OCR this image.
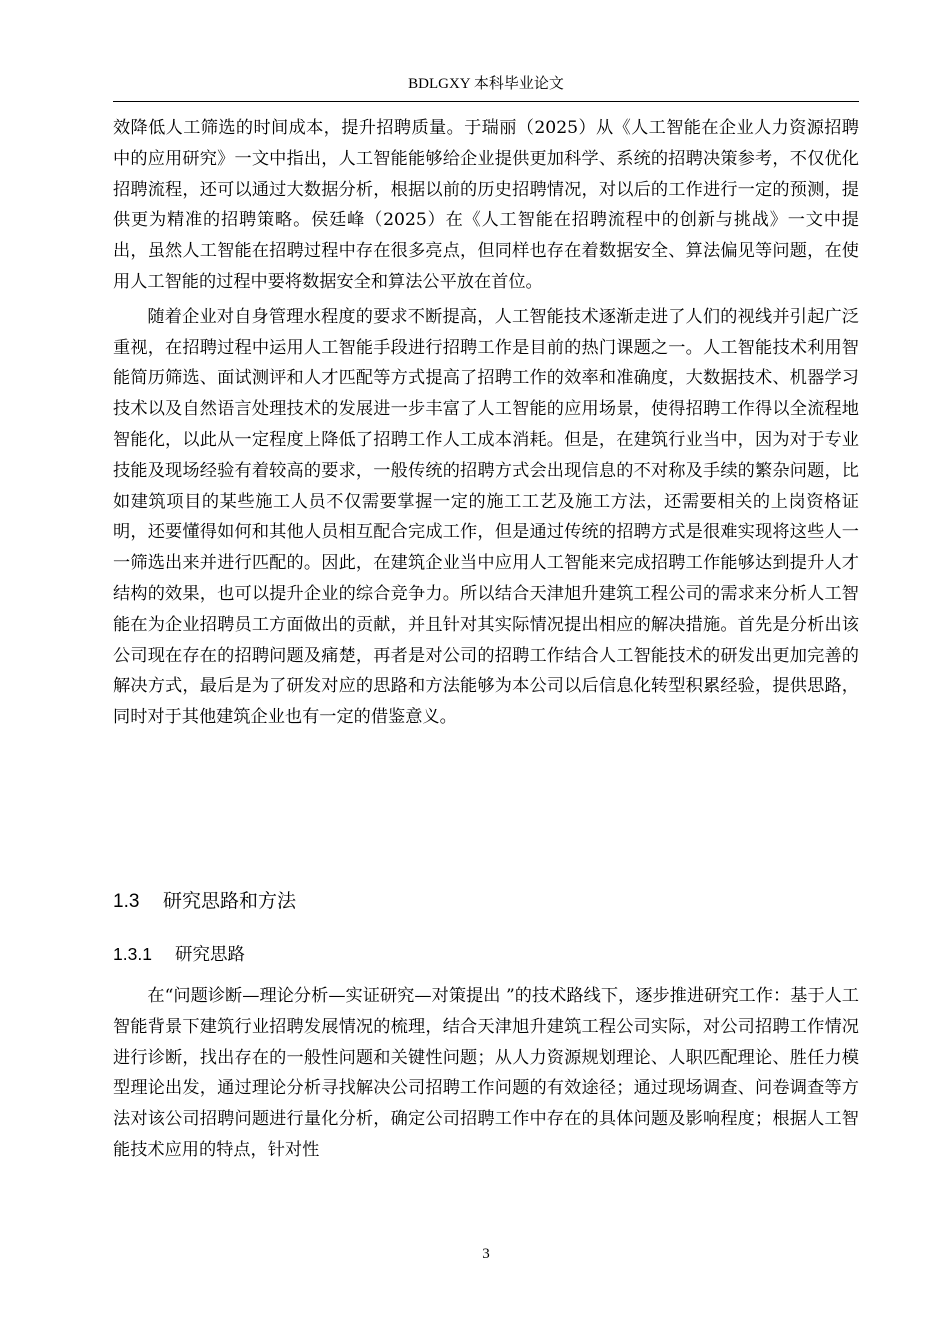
BDLGXY 本科毕业论文

效降低人工筛选的时间成本，提升招聘质量。于瑞丽（2025）从《人工智能在企业人力资源招聘中的应用研究》一文中指出，人工智能能够给企业提供更加科学、系统的招聘决策参考，不仅优化招聘流程，还可以通过大数据分析，根据以前的历史招聘情况，对以后的工作进行一定的预测，提供更为精准的招聘策略。侯廷峰（2025）在《人工智能在招聘流程中的创新与挑战》一文中提出，虽然人工智能在招聘过程中存在很多亮点，但同样也存在着数据安全、算法偏见等问题，在使用人工智能的过程中要将数据安全和算法公平放在首位。

随着企业对自身管理水程度的要求不断提高，人工智能技术逐渐走进了人们的视线并引起广泛重视，在招聘过程中运用人工智能手段进行招聘工作是目前的热门课题之一。人工智能技术利用智能简历筛选、面试测评和人才匹配等方式提高了招聘工作的效率和准确度，大数据技术、机器学习技术以及自然语言处理技术的发展进一步丰富了人工智能的应用场景，使得招聘工作得以全流程地智能化，以此从一定程度上降低了招聘工作人工成本消耗。但是，在建筑行业当中，因为对于专业技能及现场经验有着较高的要求，一般传统的招聘方式会出现信息的不对称及手续的繁杂问题，比如建筑项目的某些施工人员不仅需要掌握一定的施工工艺及施工方法，还需要相关的上岗资格证明，还要懂得如何和其他人员相互配合完成工作，但是通过传统的招聘方式是很难实现将这些人一一筛选出来并进行匹配的。因此，在建筑企业当中应用人工智能来完成招聘工作能够达到提升人才结构的效果，也可以提升企业的综合竞争力。所以结合天津旭升建筑工程公司的需求来分析人工智能在为企业招聘员工方面做出的贡献，并且针对其实际情况提出相应的解决措施。首先是分析出该公司现在存在的招聘问题及痛楚，再者是对公司的招聘工作结合人工智能技术的研发出更加完善的解决方式，最后是为了研发对应的思路和方法能够为本公司以后信息化转型积累经验，提供思路，同时对于其他建筑企业也有一定的借鉴意义。

1.3 研究思路和方法
1.3.1 研究思路

在“问题诊断—理论分析—实证研究—对策提出 ”的技术路线下，逐步推进研究工作：基于人工智能背景下建筑行业招聘发展情况的梳理，结合天津旭升建筑工程公司实际，对公司招聘工作情况进行诊断，找出存在的一般性问题和关键性问题；从人力资源规划理论、人职匹配理论、胜任力模型理论出发，通过理论分析寻找解决公司招聘工作问题的有效途径；通过现场调查、问卷调查等方法对该公司招聘问题进行量化分析，确定公司招聘工作中存在的具体问题及影响程度；根据人工智能技术应用的特点，针对性

3
